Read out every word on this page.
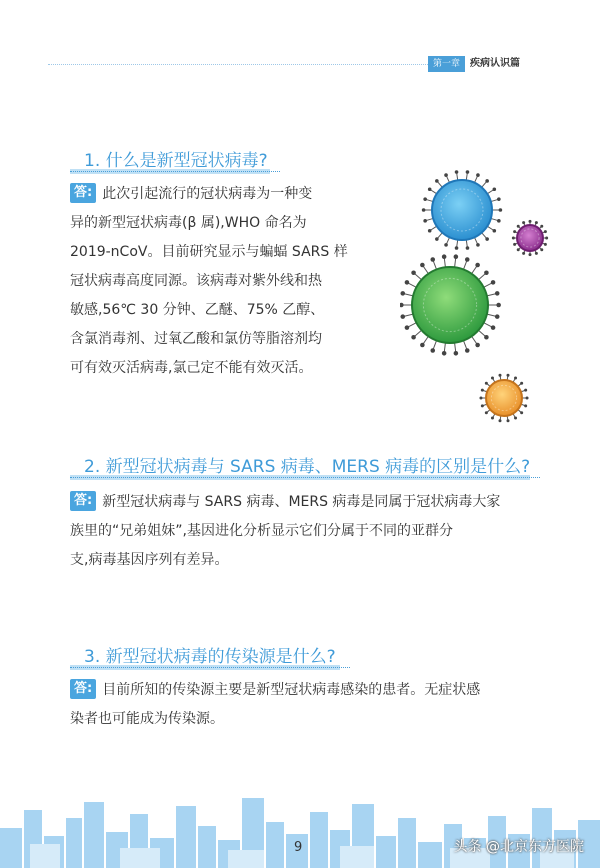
第一章	疾病认识篇
1. 什么是新型冠状病毒?

答: 此次引起流行的冠状病毒为一种变

异的新型冠状病毒(β 属),WHO 命名为

2019-nCoV。目前研究显示与蝙蝠 SARS 样

冠状病毒高度同源。该病毒对紫外线和热

敏感,56℃ 30 分钟、乙醚、75% 乙醇、

含氯消毒剂、过氧乙酸和氯仿等脂溶剂均

可有效灭活病毒,氯己定不能有效灭活。

2. 新型冠状病毒与 SARS 病毒、MERS 病毒的区别是什么?

答: 新型冠状病毒与 SARS 病毒、MERS 病毒是同属于冠状病毒大家

族里的“兄弟姐妹”,基因进化分析显示它们分属于不同的亚群分

支,病毒基因序列有差异。

3. 新型冠状病毒的传染源是什么?

答: 目前所知的传染源主要是新型冠状病毒感染的患者。无症状感

染者也可能成为传染源。

9	头条 @北京东方医院
